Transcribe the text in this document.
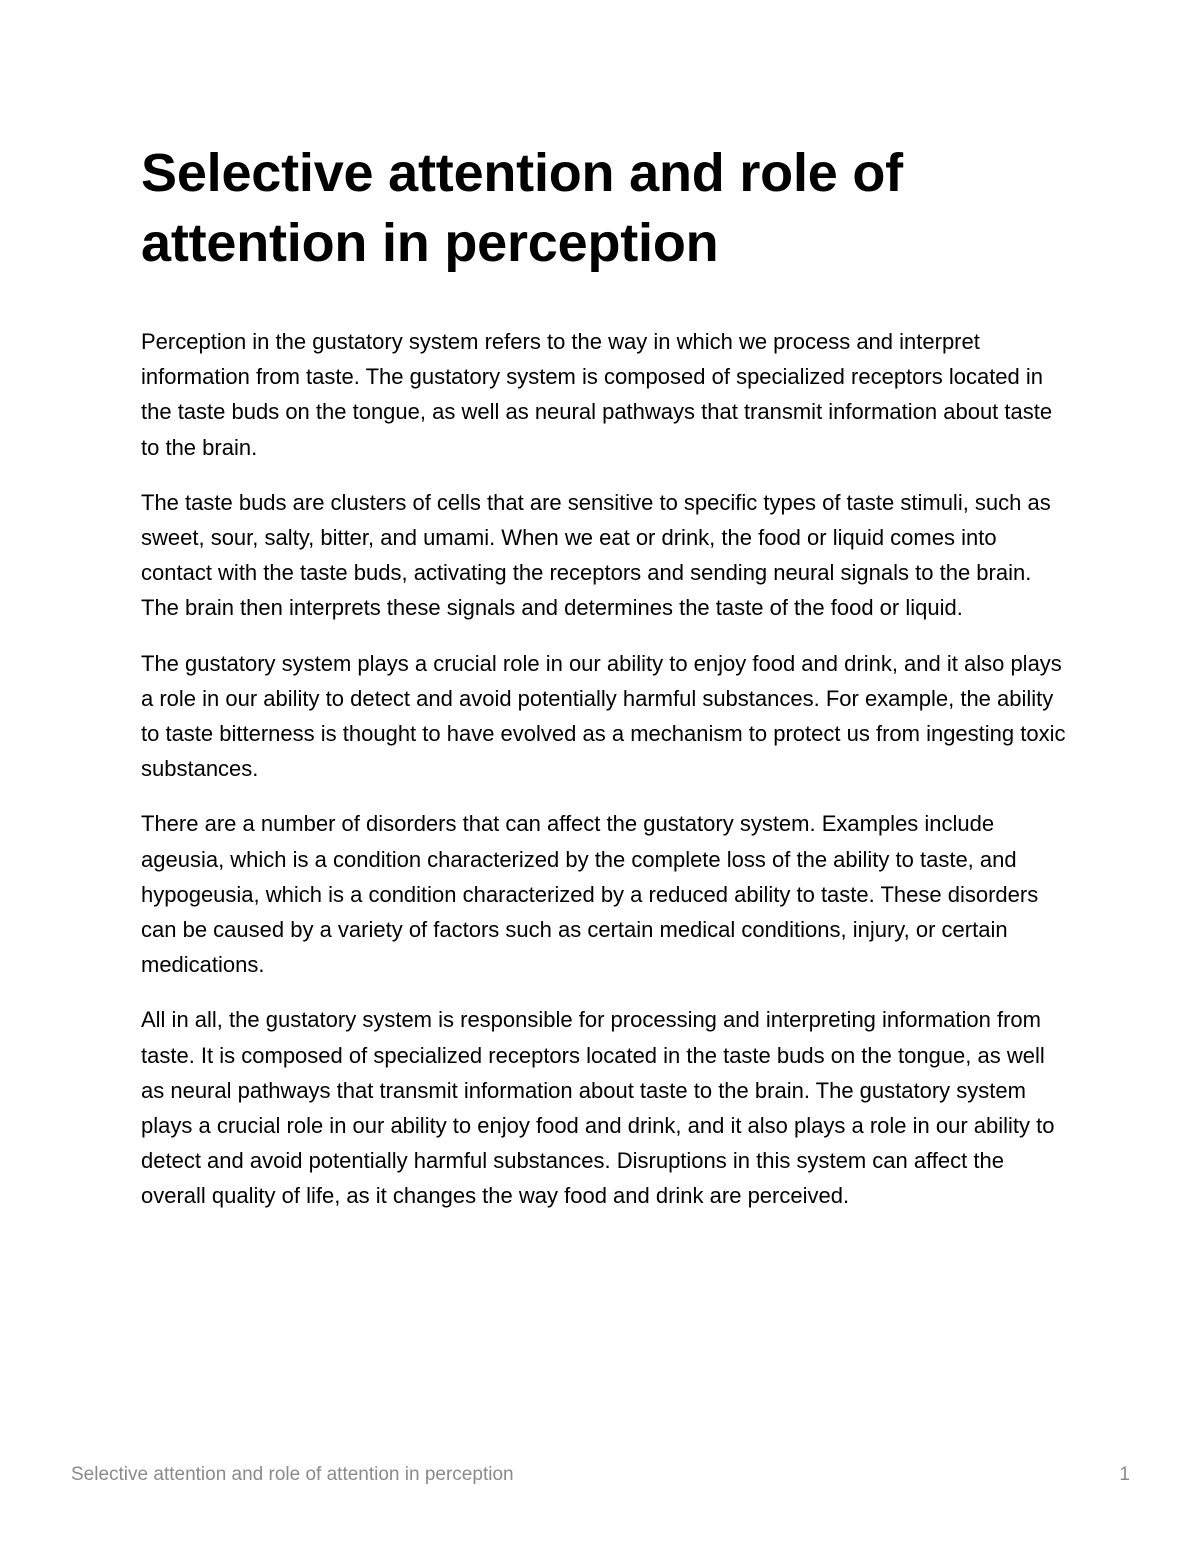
Selective attention and role of attention in perception

Perception in the gustatory system refers to the way in which we process and interpret information from taste. The gustatory system is composed of specialized receptors located in the taste buds on the tongue, as well as neural pathways that transmit information about taste to the brain.

The taste buds are clusters of cells that are sensitive to specific types of taste stimuli, such as sweet, sour, salty, bitter, and umami. When we eat or drink, the food or liquid comes into contact with the taste buds, activating the receptors and sending neural signals to the brain. The brain then interprets these signals and determines the taste of the food or liquid.

The gustatory system plays a crucial role in our ability to enjoy food and drink, and it also plays a role in our ability to detect and avoid potentially harmful substances. For example, the ability to taste bitterness is thought to have evolved as a mechanism to protect us from ingesting toxic substances.

There are a number of disorders that can affect the gustatory system. Examples include ageusia, which is a condition characterized by the complete loss of the ability to taste, and hypogeusia, which is a condition characterized by a reduced ability to taste. These disorders can be caused by a variety of factors such as certain medical conditions, injury, or certain medications.

All in all, the gustatory system is responsible for processing and interpreting information from taste. It is composed of specialized receptors located in the taste buds on the tongue, as well as neural pathways that transmit information about taste to the brain. The gustatory system plays a crucial role in our ability to enjoy food and drink, and it also plays a role in our ability to detect and avoid potentially harmful substances. Disruptions in this system can affect the overall quality of life, as it changes the way food and drink are perceived.

Selective attention and role of attention in perception	1
